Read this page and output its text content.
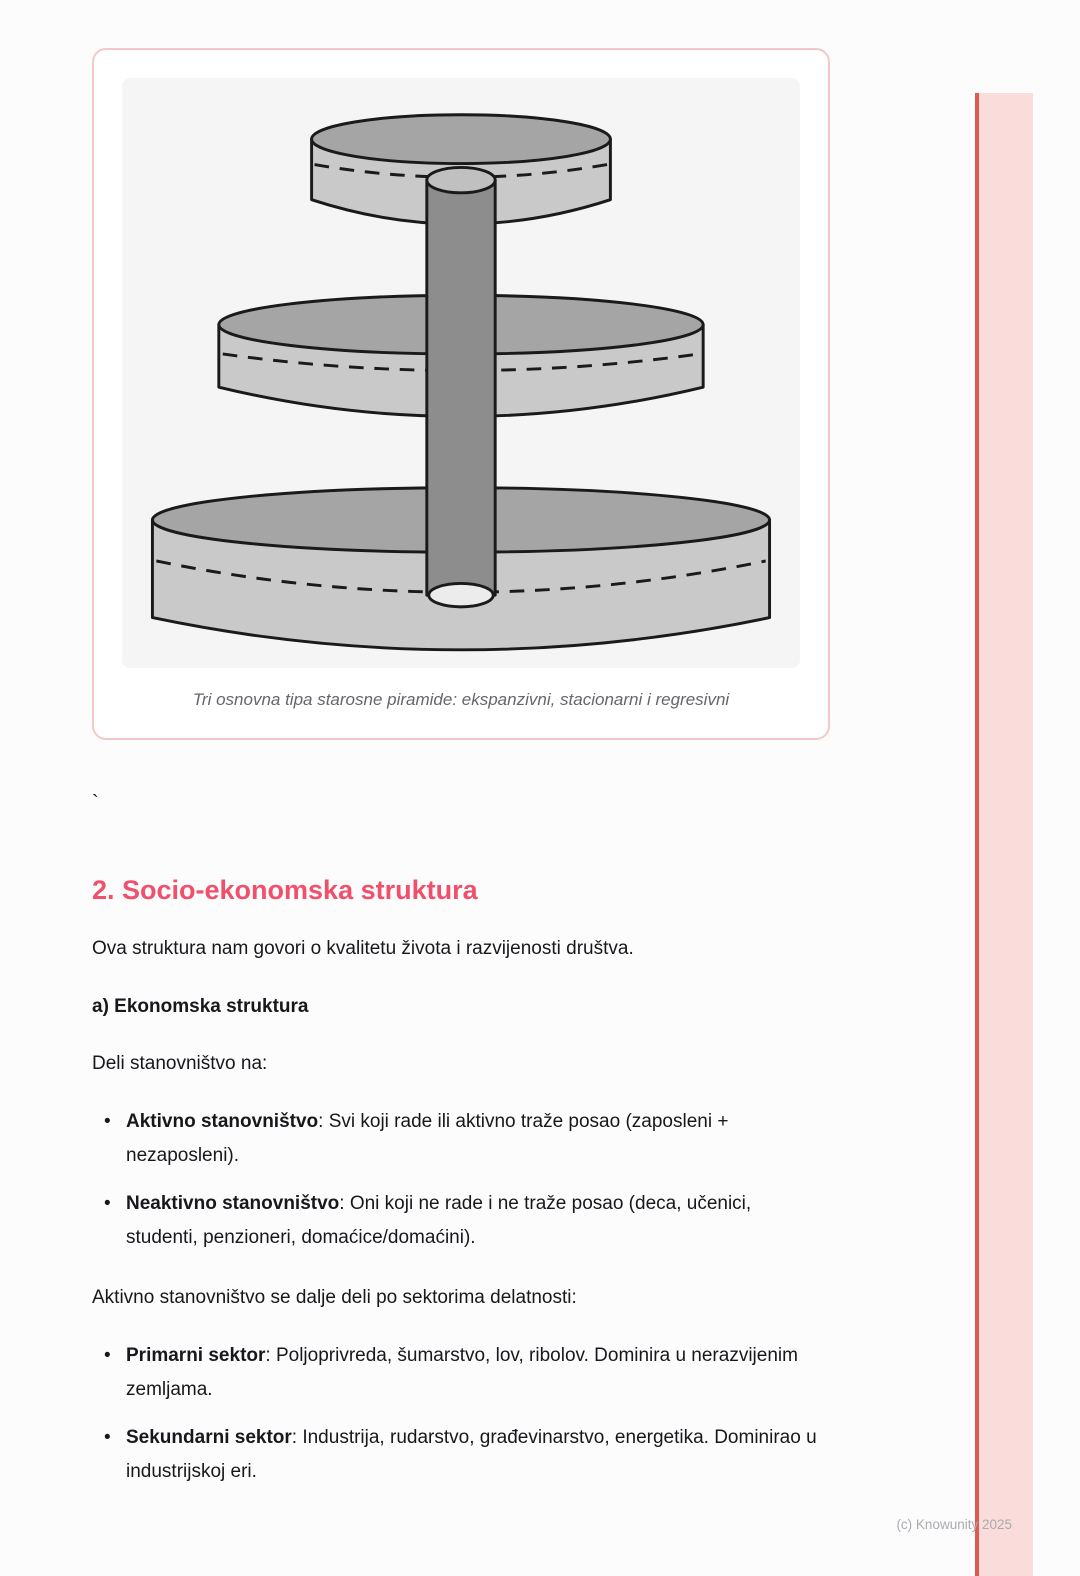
Tri osnovna tipa starosne piramide: ekspanzivni, stacionarni i regresivni
`
2. Socio-ekonomska struktura

Ova struktura nam govori o kvalitetu života i razvijenosti društva.

a) Ekonomska struktura

Deli stanovništvo na:

• Aktivno stanovništvo: Svi koji rade ili aktivno traže posao (zaposleni + nezaposleni).
• Neaktivno stanovništvo: Oni koji ne rade i ne traže posao (deca, učenici, studenti, penzioneri, domaćice/domaćini).

Aktivno stanovništvo se dalje deli po sektorima delatnosti:

• Primarni sektor: Poljoprivreda, šumarstvo, lov, ribolov. Dominira u nerazvijenim zemljama.
• Sekundarni sektor: Industrija, rudarstvo, građevinarstvo, energetika. Dominirao u industrijskoj eri.
(c) Knowunity 2025
